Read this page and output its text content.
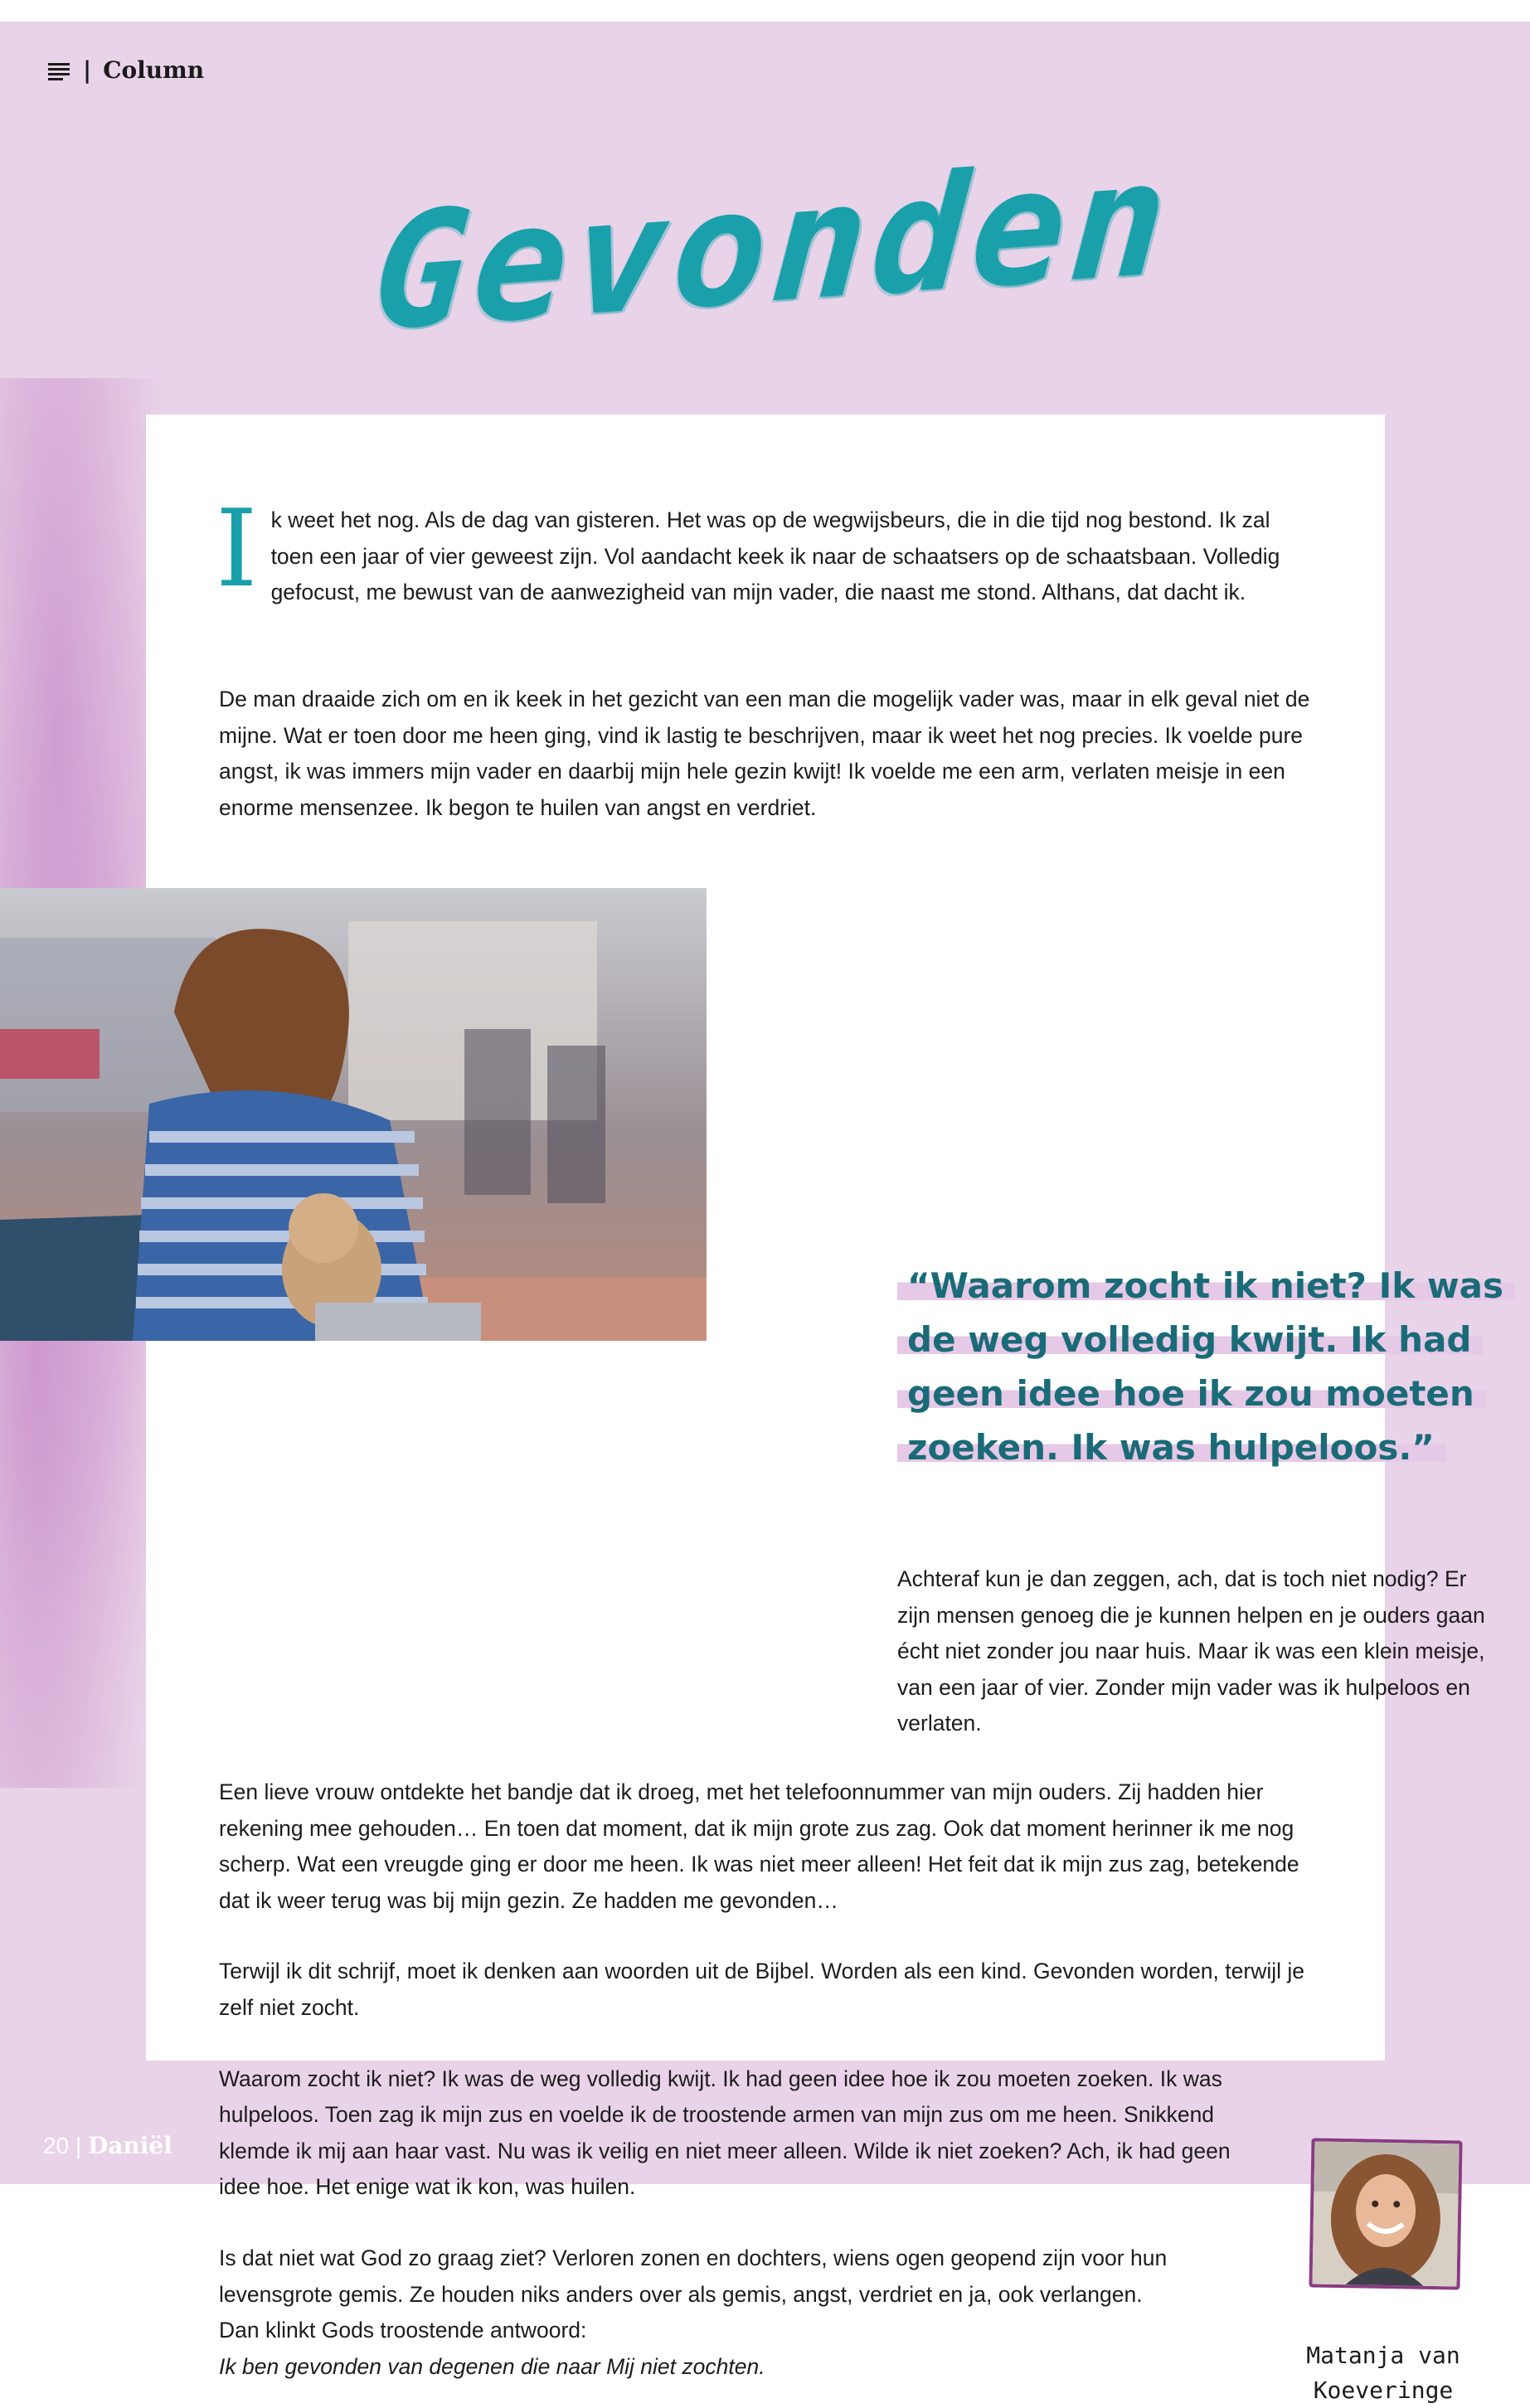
| Column
Gevonden
Ik weet het nog. Als de dag van gisteren. Het was op de wegwijsbeurs, die in die tijd nog bestond. Ik zal toen een jaar of vier geweest zijn. Vol aandacht keek ik naar de schaatsers op de schaatsbaan. Volledig gefocust, me bewust van de aanwezigheid van mijn vader, die naast me stond. Althans, dat dacht ik.
De man draaide zich om en ik keek in het gezicht van een man die mogelijk vader was, maar in elk geval niet de mijne. Wat er toen door me heen ging, vind ik lastig te beschrijven, maar ik weet het nog precies. Ik voelde pure angst, ik was immers mijn vader en daarbij mijn hele gezin kwijt! Ik voelde me een arm, verlaten meisje in een enorme mensenzee. Ik begon te huilen van angst en verdriet.
“Waarom zocht ik niet? Ik was de weg volledig kwijt. Ik had geen idee hoe ik zou moeten zoeken. Ik was hulpeloos.”
Achteraf kun je dan zeggen, ach, dat is toch niet nodig? Er zijn mensen genoeg die je kunnen helpen en je ouders gaan écht niet zonder jou naar huis. Maar ik was een klein meisje, van een jaar of vier. Zonder mijn vader was ik hulpeloos en verlaten.
Een lieve vrouw ontdekte het bandje dat ik droeg, met het telefoonnummer van mijn ouders. Zij hadden hier rekening mee gehouden… En toen dat moment, dat ik mijn grote zus zag. Ook dat moment herinner ik me nog scherp. Wat een vreugde ging er door me heen. Ik was niet meer alleen! Het feit dat ik mijn zus zag, betekende dat ik weer terug was bij mijn gezin. Ze hadden me gevonden…
Terwijl ik dit schrijf, moet ik denken aan woorden uit de Bijbel. Worden als een kind. Gevonden worden, terwijl je zelf niet zocht.
Waarom zocht ik niet? Ik was de weg volledig kwijt. Ik had geen idee hoe ik zou moeten zoeken. Ik was
hulpeloos. Toen zag ik mijn zus en voelde ik de troostende armen van mijn zus om me heen. Snikkend klemde ik mij aan haar vast. Nu was ik veilig en niet meer alleen. Wilde ik niet zoeken? Ach, ik had geen idee hoe. Het enige wat ik kon, was huilen.
Is dat niet wat God zo graag ziet? Verloren zonen en dochters, wiens ogen geopend zijn voor hun levensgrote gemis. Ze houden niks anders over als gemis, angst, verdriet en ja, ook verlangen. Dan klinkt Gods troostende antwoord:
Ik ben gevonden van degenen die naar Mij niet zochten.	Matanja van Koeveringe
20 | Daniël
